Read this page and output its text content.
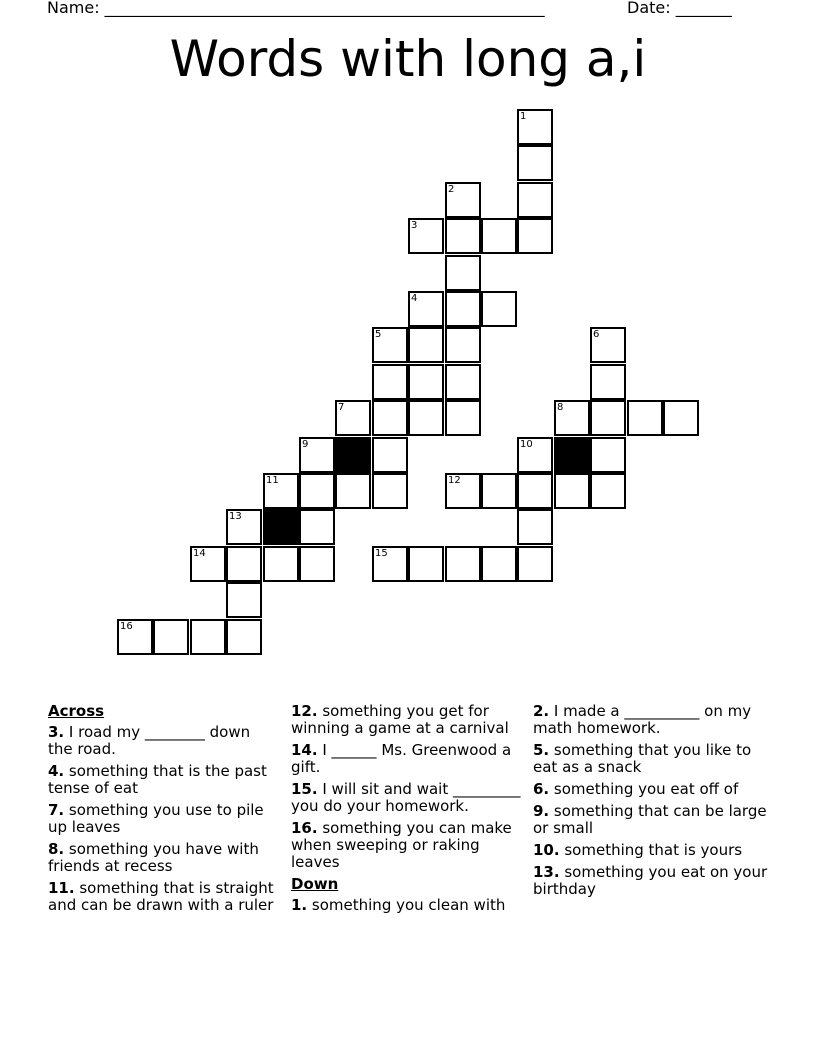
Name: _______________________________________________________	Date: _______
Words with long a,i
1
2
3
4
5	6
7	8
9	10
11	12
13
14	15
16
Across
3. I road my ________ down the road.
4. something that is the past tense of eat
7. something you use to pile up leaves
8. something you have with friends at recess
11. something that is straight and can be drawn with a ruler
12. something you get for winning a game at a carnival
14. I ______ Ms. Greenwood a gift.
15. I will sit and wait _________ you do your homework.
16. something you can make when sweeping or raking leaves
Down
1. something you clean with
2. I made a __________ on my math homework.
5. something that you like to eat as a snack
6. something you eat off of
9. something that can be large or small
10. something that is yours
13. something you eat on your birthday
